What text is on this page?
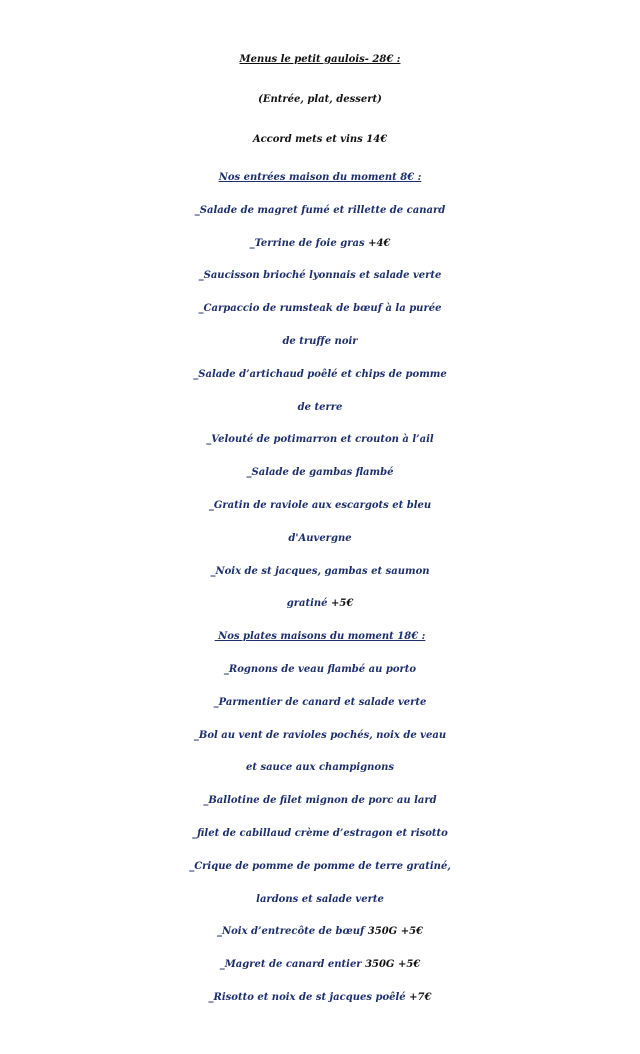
Menus le petit gaulois- 28€ :
(Entrée, plat, dessert)
Accord mets et vins 14€
Nos entrées maison du moment 8€ :
_Salade de magret fumé et rillette de canard
_Terrine de foie gras +4€
_Saucisson brioché lyonnais et salade verte
_Carpaccio de rumsteak de bœuf à la purée
de truffe noir
_Salade d’artichaud poêlé et chips de pomme
de terre
_Velouté de potimarron et crouton à l’ail
_Salade de gambas flambé
_Gratin de raviole aux escargots et bleu
d'Auvergne
_Noix de st jacques, gambas et saumon
gratiné +5€
Nos plates maisons du moment 18€ :
_Rognons de veau flambé au porto
_Parmentier de canard et salade verte
_Bol au vent de ravioles pochés, noix de veau
et sauce aux champignons
_Ballotine de filet mignon de porc au lard
_filet de cabillaud crème d’estragon et risotto
_Crique de pomme de pomme de terre gratiné,
lardons et salade verte
_Noix d’entrecôte de bœuf 350G +5€
_Magret de canard entier 350G +5€
_Risotto et noix de st jacques poêlé +7€
